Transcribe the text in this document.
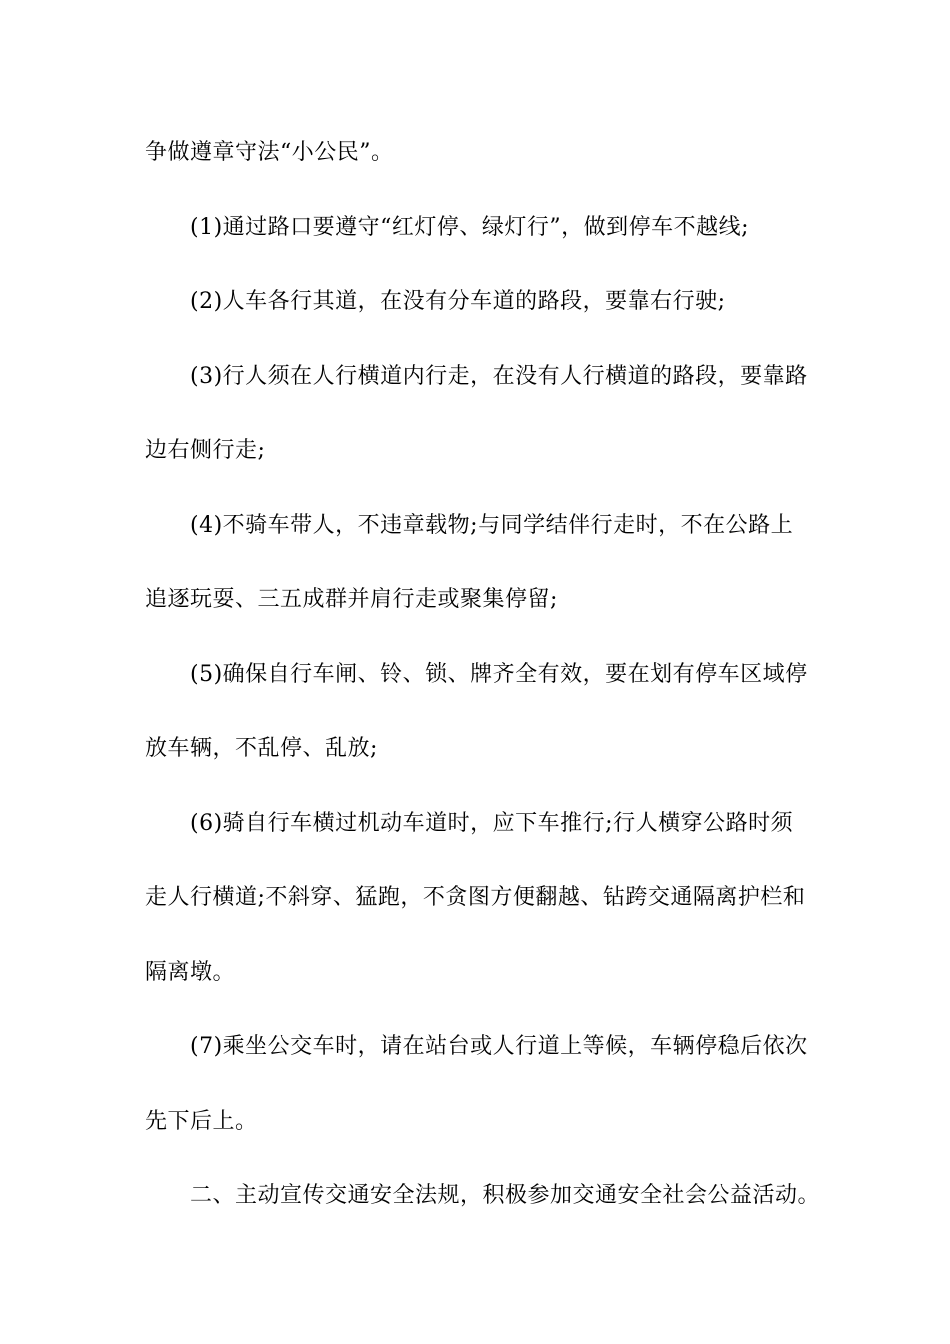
争做遵章守法“小公民”。
(1)通过路口要遵守“红灯停、绿灯行”，做到停车不越线;
(2)人车各行其道，在没有分车道的路段，要靠右行驶;
(3)行人须在人行横道内行走，在没有人行横道的路段，要靠路
边右侧行走;
(4)不骑车带人，不违章载物;与同学结伴行走时，不在公路上
追逐玩耍、三五成群并肩行走或聚集停留;
(5)确保自行车闸、铃、锁、牌齐全有效，要在划有停车区域停
放车辆，不乱停、乱放;
(6)骑自行车横过机动车道时，应下车推行;行人横穿公路时须
走人行横道;不斜穿、猛跑，不贪图方便翻越、钻跨交通隔离护栏和
隔离墩。
(7)乘坐公交车时，请在站台或人行道上等候，车辆停稳后依次
先下后上。
二、主动宣传交通安全法规，积极参加交通安全社会公益活动。
